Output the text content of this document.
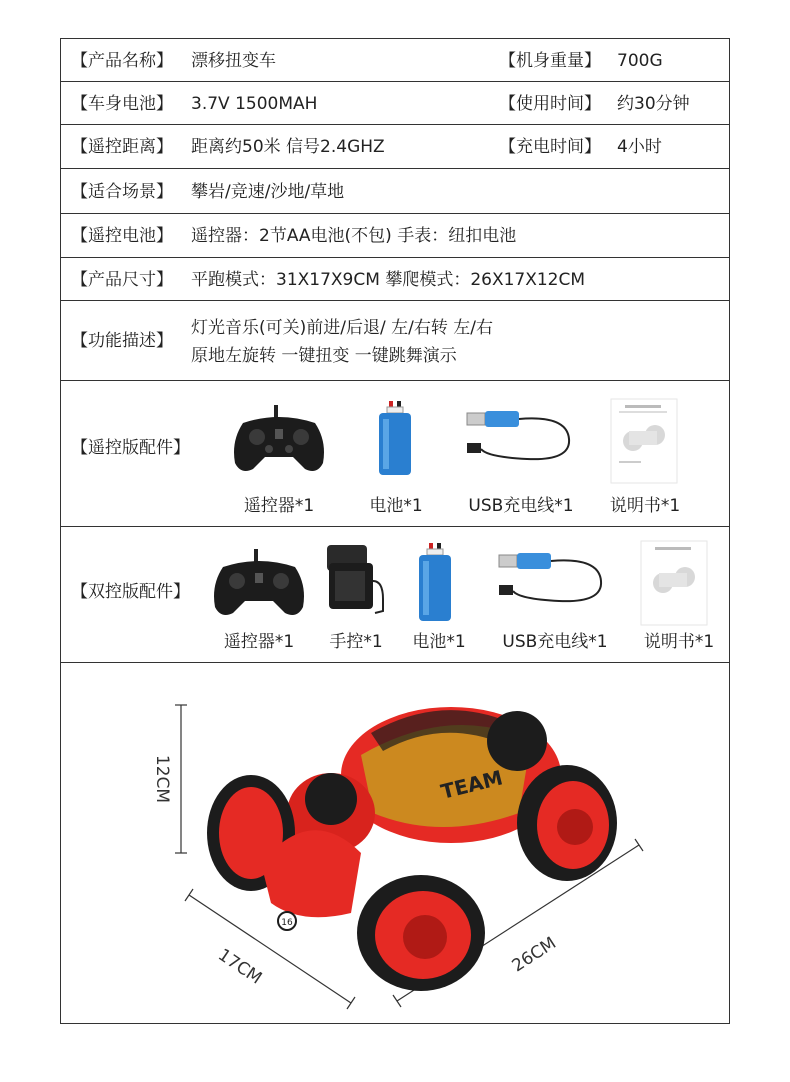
【产品名称】 漂移扭变车	【机身重量】 700G
【车身电池】 3.7V 1500MAH	【使用时间】 约30分钟
【遥控距离】 距离约50米 信号2.4GHZ	【充电时间】 4小时
【适合场景】 攀岩/竞速/沙地/草地
【遥控电池】 遥控器：2节AA电池(不包) 手表：纽扣电池
【产品尺寸】 平跑模式：31X17X9CM 攀爬模式：26X17X12CM
【功能描述】
灯光音乐(可关)前进/后退/ 左/右转 左/右
原地左旋转 一键扭变 一键跳舞演示
【遥控版配件】
遥控器*1	电池*1	USB充电线*1	说明书*1
【双控版配件】
遥控器*1	手控*1	电池*1	USB充电线*1	说明书*1
16
TEAM
12CM
17CM	26CM
